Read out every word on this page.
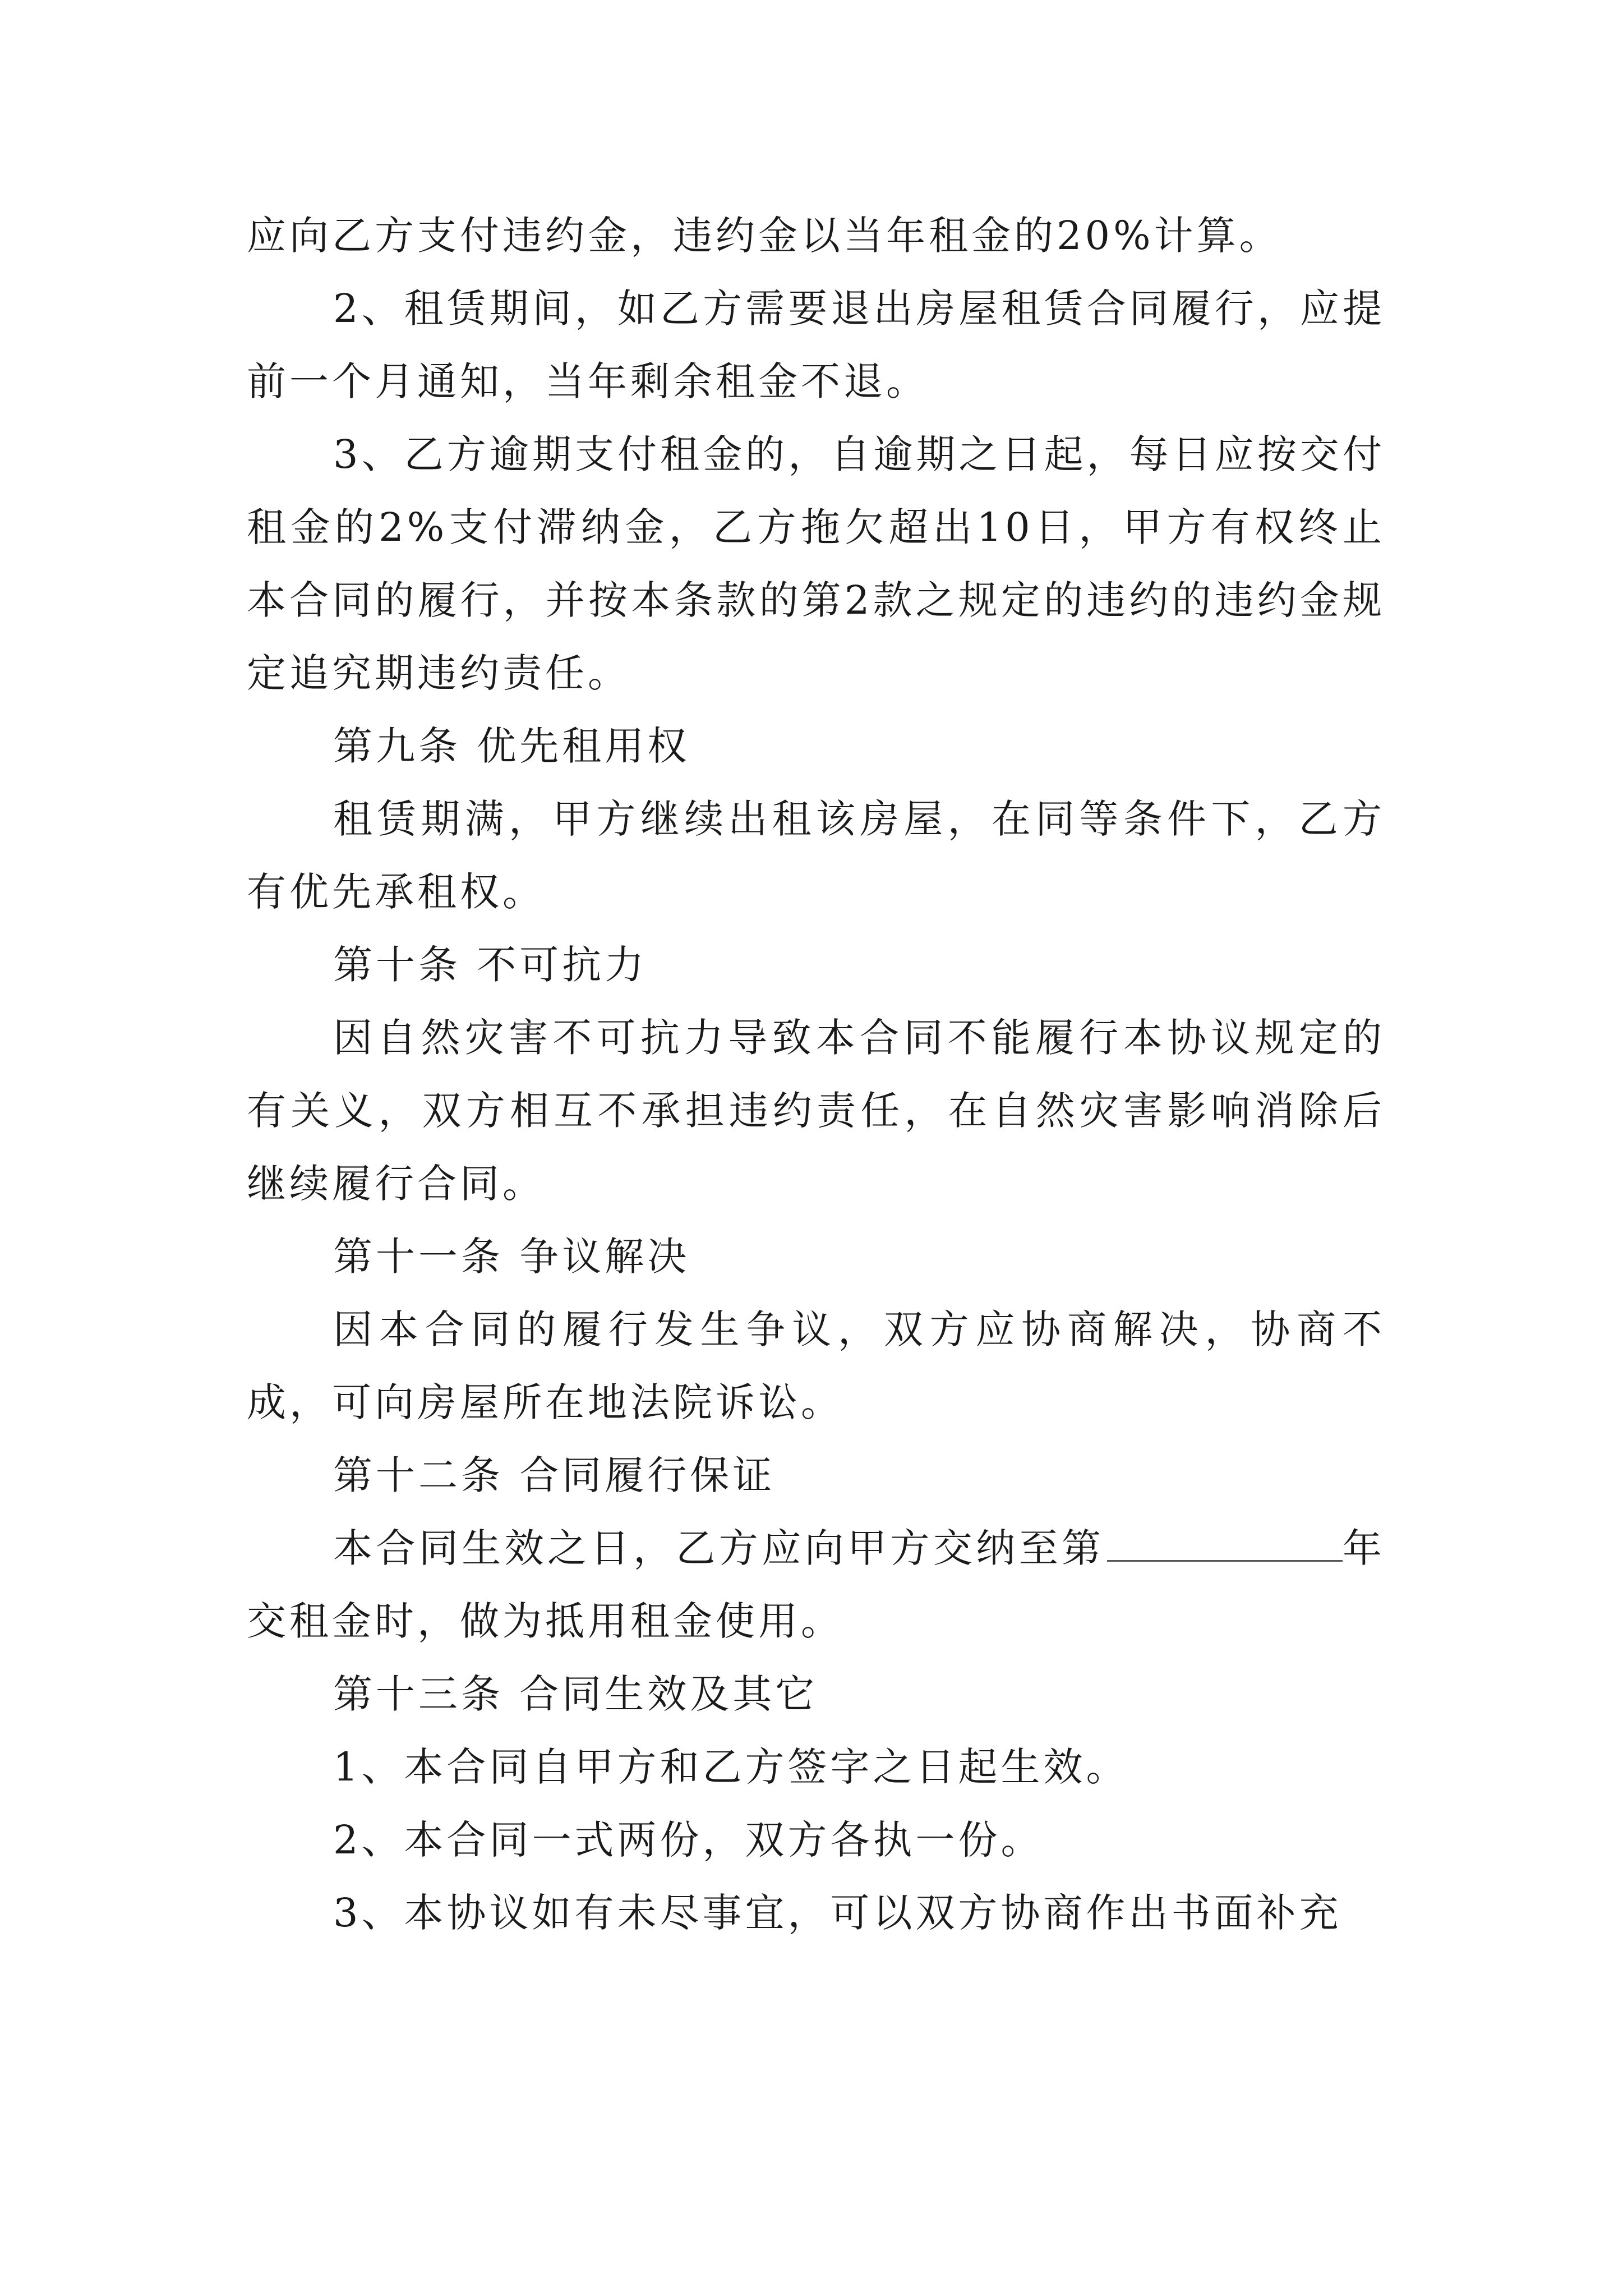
应向乙方支付违约金，违约金以当年租金的20%计算。

2、租赁期间，如乙方需要退出房屋租赁合同履行，应提前一个月通知，当年剩余租金不退。

3、乙方逾期支付租金的，自逾期之日起，每日应按交付租金的2%支付滞纳金，乙方拖欠超出10日，甲方有权终止本合同的履行，并按本条款的第2款之规定的违约的违约金规定追究期违约责任。

第九条 优先租用权

租赁期满，甲方继续出租该房屋，在同等条件下，乙方有优先承租权。

第十条 不可抗力

因自然灾害不可抗力导致本合同不能履行本协议规定的有关义，双方相互不承担违约责任，在自然灾害影响消除后继续履行合同。

第十一条 争议解决

因本合同的履行发生争议，双方应协商解决，协商不成，可向房屋所在地法院诉讼。

第十二条 合同履行保证

本合同生效之日，乙方应向甲方交纳至第	年交租金时，做为抵用租金使用。

第十三条 合同生效及其它

1、本合同自甲方和乙方签字之日起生效。

2、本合同一式两份，双方各执一份。

3、本协议如有未尽事宜，可以双方协商作出书面补充
